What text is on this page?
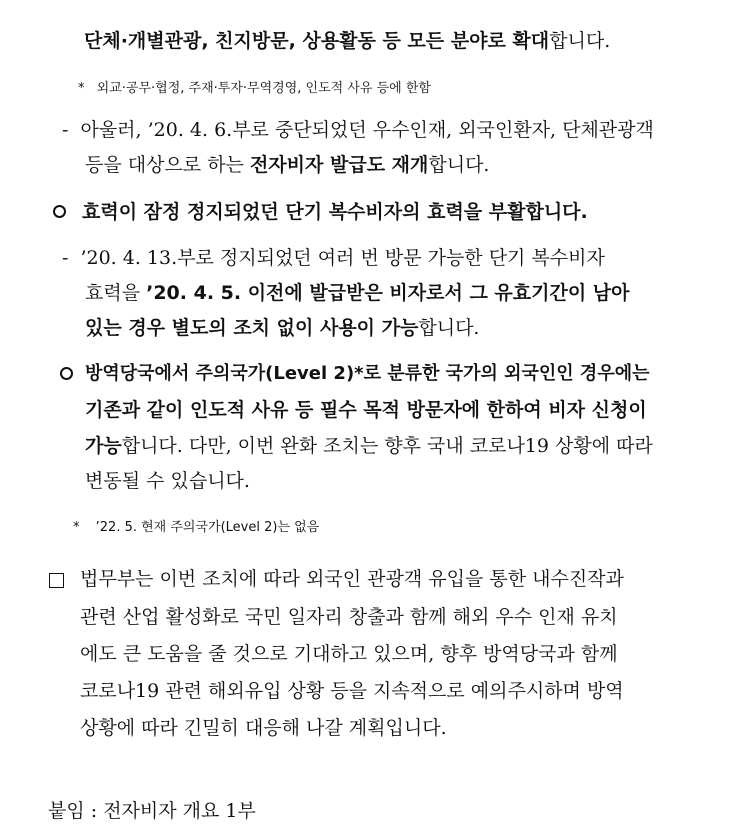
단체·개별관광, 친지방문, 상용활동 등 모든 분야로 확대합니다.
* 외교·공무·협정, 주재·투자·무역경영, 인도적 사유 등에 한함
- 아울러, ’20. 4. 6.부로 중단되었던 우수인재, 외국인환자, 단체관광객
등을 대상으로 하는 전자비자 발급도 재개합니다.
효력이 잠정 정지되었던 단기 복수비자의 효력을 부활합니다.
- ’20. 4. 13.부로 정지되었던 여러 번 방문 가능한 단기 복수비자
효력을 ’20. 4. 5. 이전에 발급받은 비자로서 그 유효기간이 남아
있는 경우 별도의 조치 없이 사용이 가능합니다.
방역당국에서 주의국가(Level 2)*로 분류한 국가의 외국인인 경우에는
기존과 같이 인도적 사유 등 필수 목적 방문자에 한하여 비자 신청이
가능합니다. 다만, 이번 완화 조치는 향후 국내 코로나19 상황에 따라
변동될 수 있습니다.
* ’22. 5. 현재 주의국가(Level 2)는 없음
법무부는 이번 조치에 따라 외국인 관광객 유입을 통한 내수진작과
관련 산업 활성화로 국민 일자리 창출과 함께 해외 우수 인재 유치
에도 큰 도움을 줄 것으로 기대하고 있으며, 향후 방역당국과 함께
코로나19 관련 해외유입 상황 등을 지속적으로 예의주시하며 방역
상황에 따라 긴밀히 대응해 나갈 계획입니다.
붙임 : 전자비자 개요 1부
